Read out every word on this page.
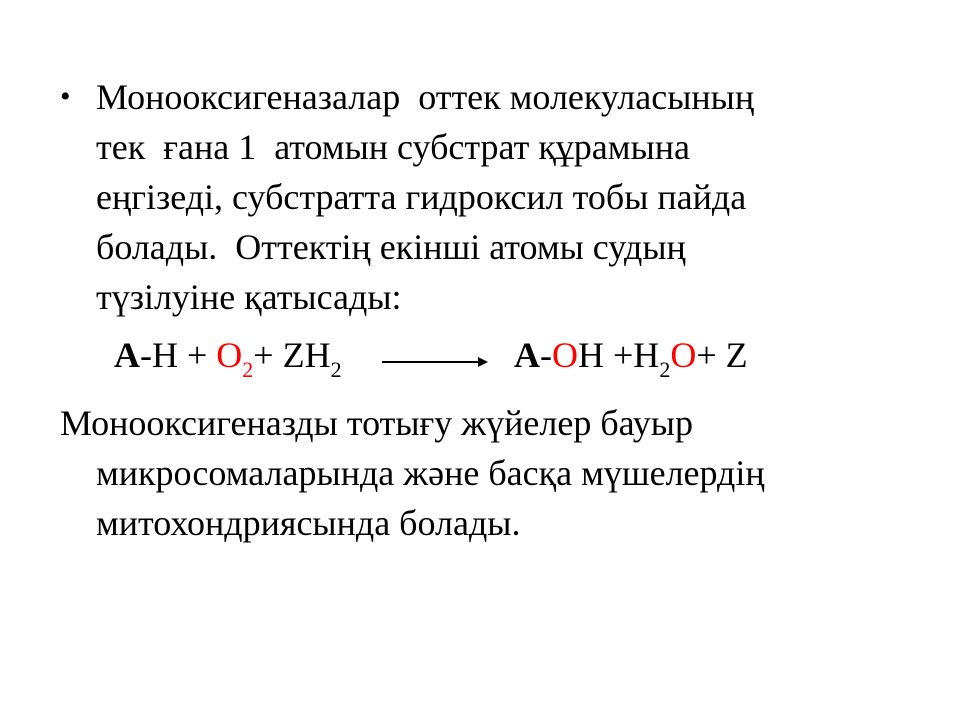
• Монооксигеназалар  оттек молекуласының
тек  ғана 1  атомын субстрат құрамына
еңгізеді, субстратта гидроксил тобы пайда
болады.  Оттектің екінші атомы судың
түзілуіне қатысады:

$A-H + O_2+ ZH_2$

→

$A-OH +H_2O+ Z$

Монооксигеназды тотығу жүйелер бауыр
микросомаларында және басқа мүшелердің
митохондриясында болады.
